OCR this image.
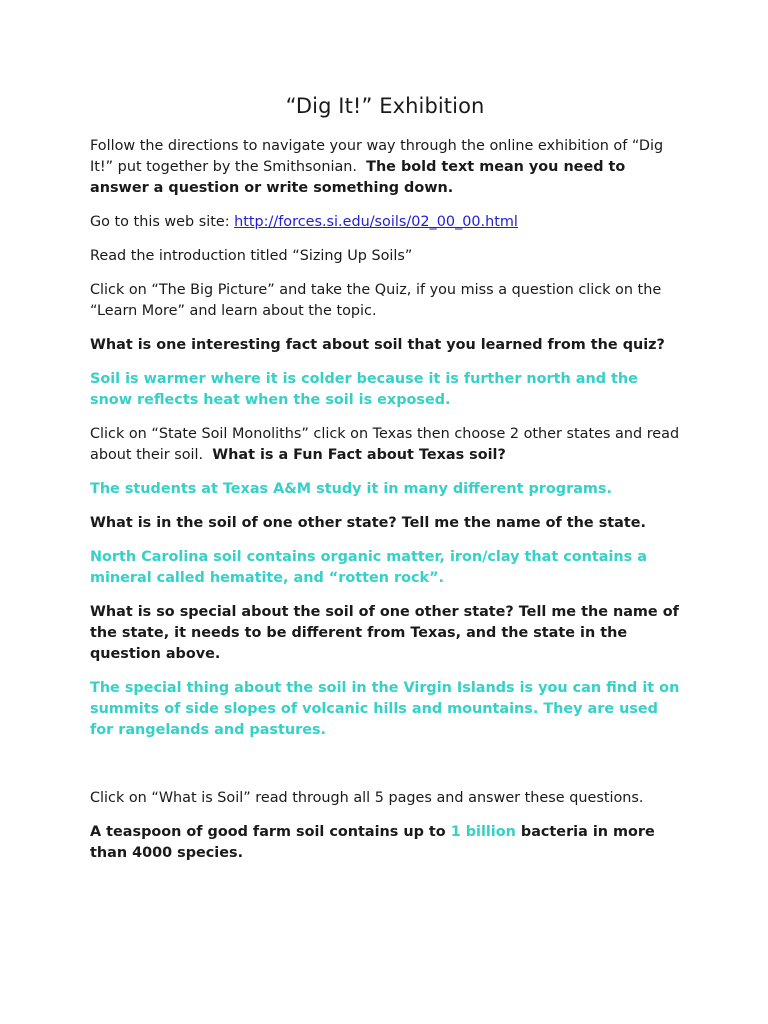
“Dig It!” Exhibition

Follow the directions to navigate your way through the online exhibition of “Dig It!” put together by the Smithsonian. The bold text mean you need to answer a question or write something down.

Go to this web site: http://forces.si.edu/soils/02_00_00.html

Read the introduction titled “Sizing Up Soils”

Click on “The Big Picture” and take the Quiz, if you miss a question click on the “Learn More” and learn about the topic.

What is one interesting fact about soil that you learned from the quiz?

Soil is warmer where it is colder because it is further north and the snow reflects heat when the soil is exposed.

Click on “State Soil Monoliths” click on Texas then choose 2 other states and read about their soil. What is a Fun Fact about Texas soil?

The students at Texas A&M study it in many different programs.

What is in the soil of one other state? Tell me the name of the state.

North Carolina soil contains organic matter, iron/clay that contains a mineral called hematite, and “rotten rock”.

What is so special about the soil of one other state? Tell me the name of the state, it needs to be different from Texas, and the state in the question above.

The special thing about the soil in the Virgin Islands is you can find it on summits of side slopes of volcanic hills and mountains. They are used for rangelands and pastures.

Click on “What is Soil” read through all 5 pages and answer these questions.

A teaspoon of good farm soil contains up to 1 billion bacteria in more than 4000 species.
